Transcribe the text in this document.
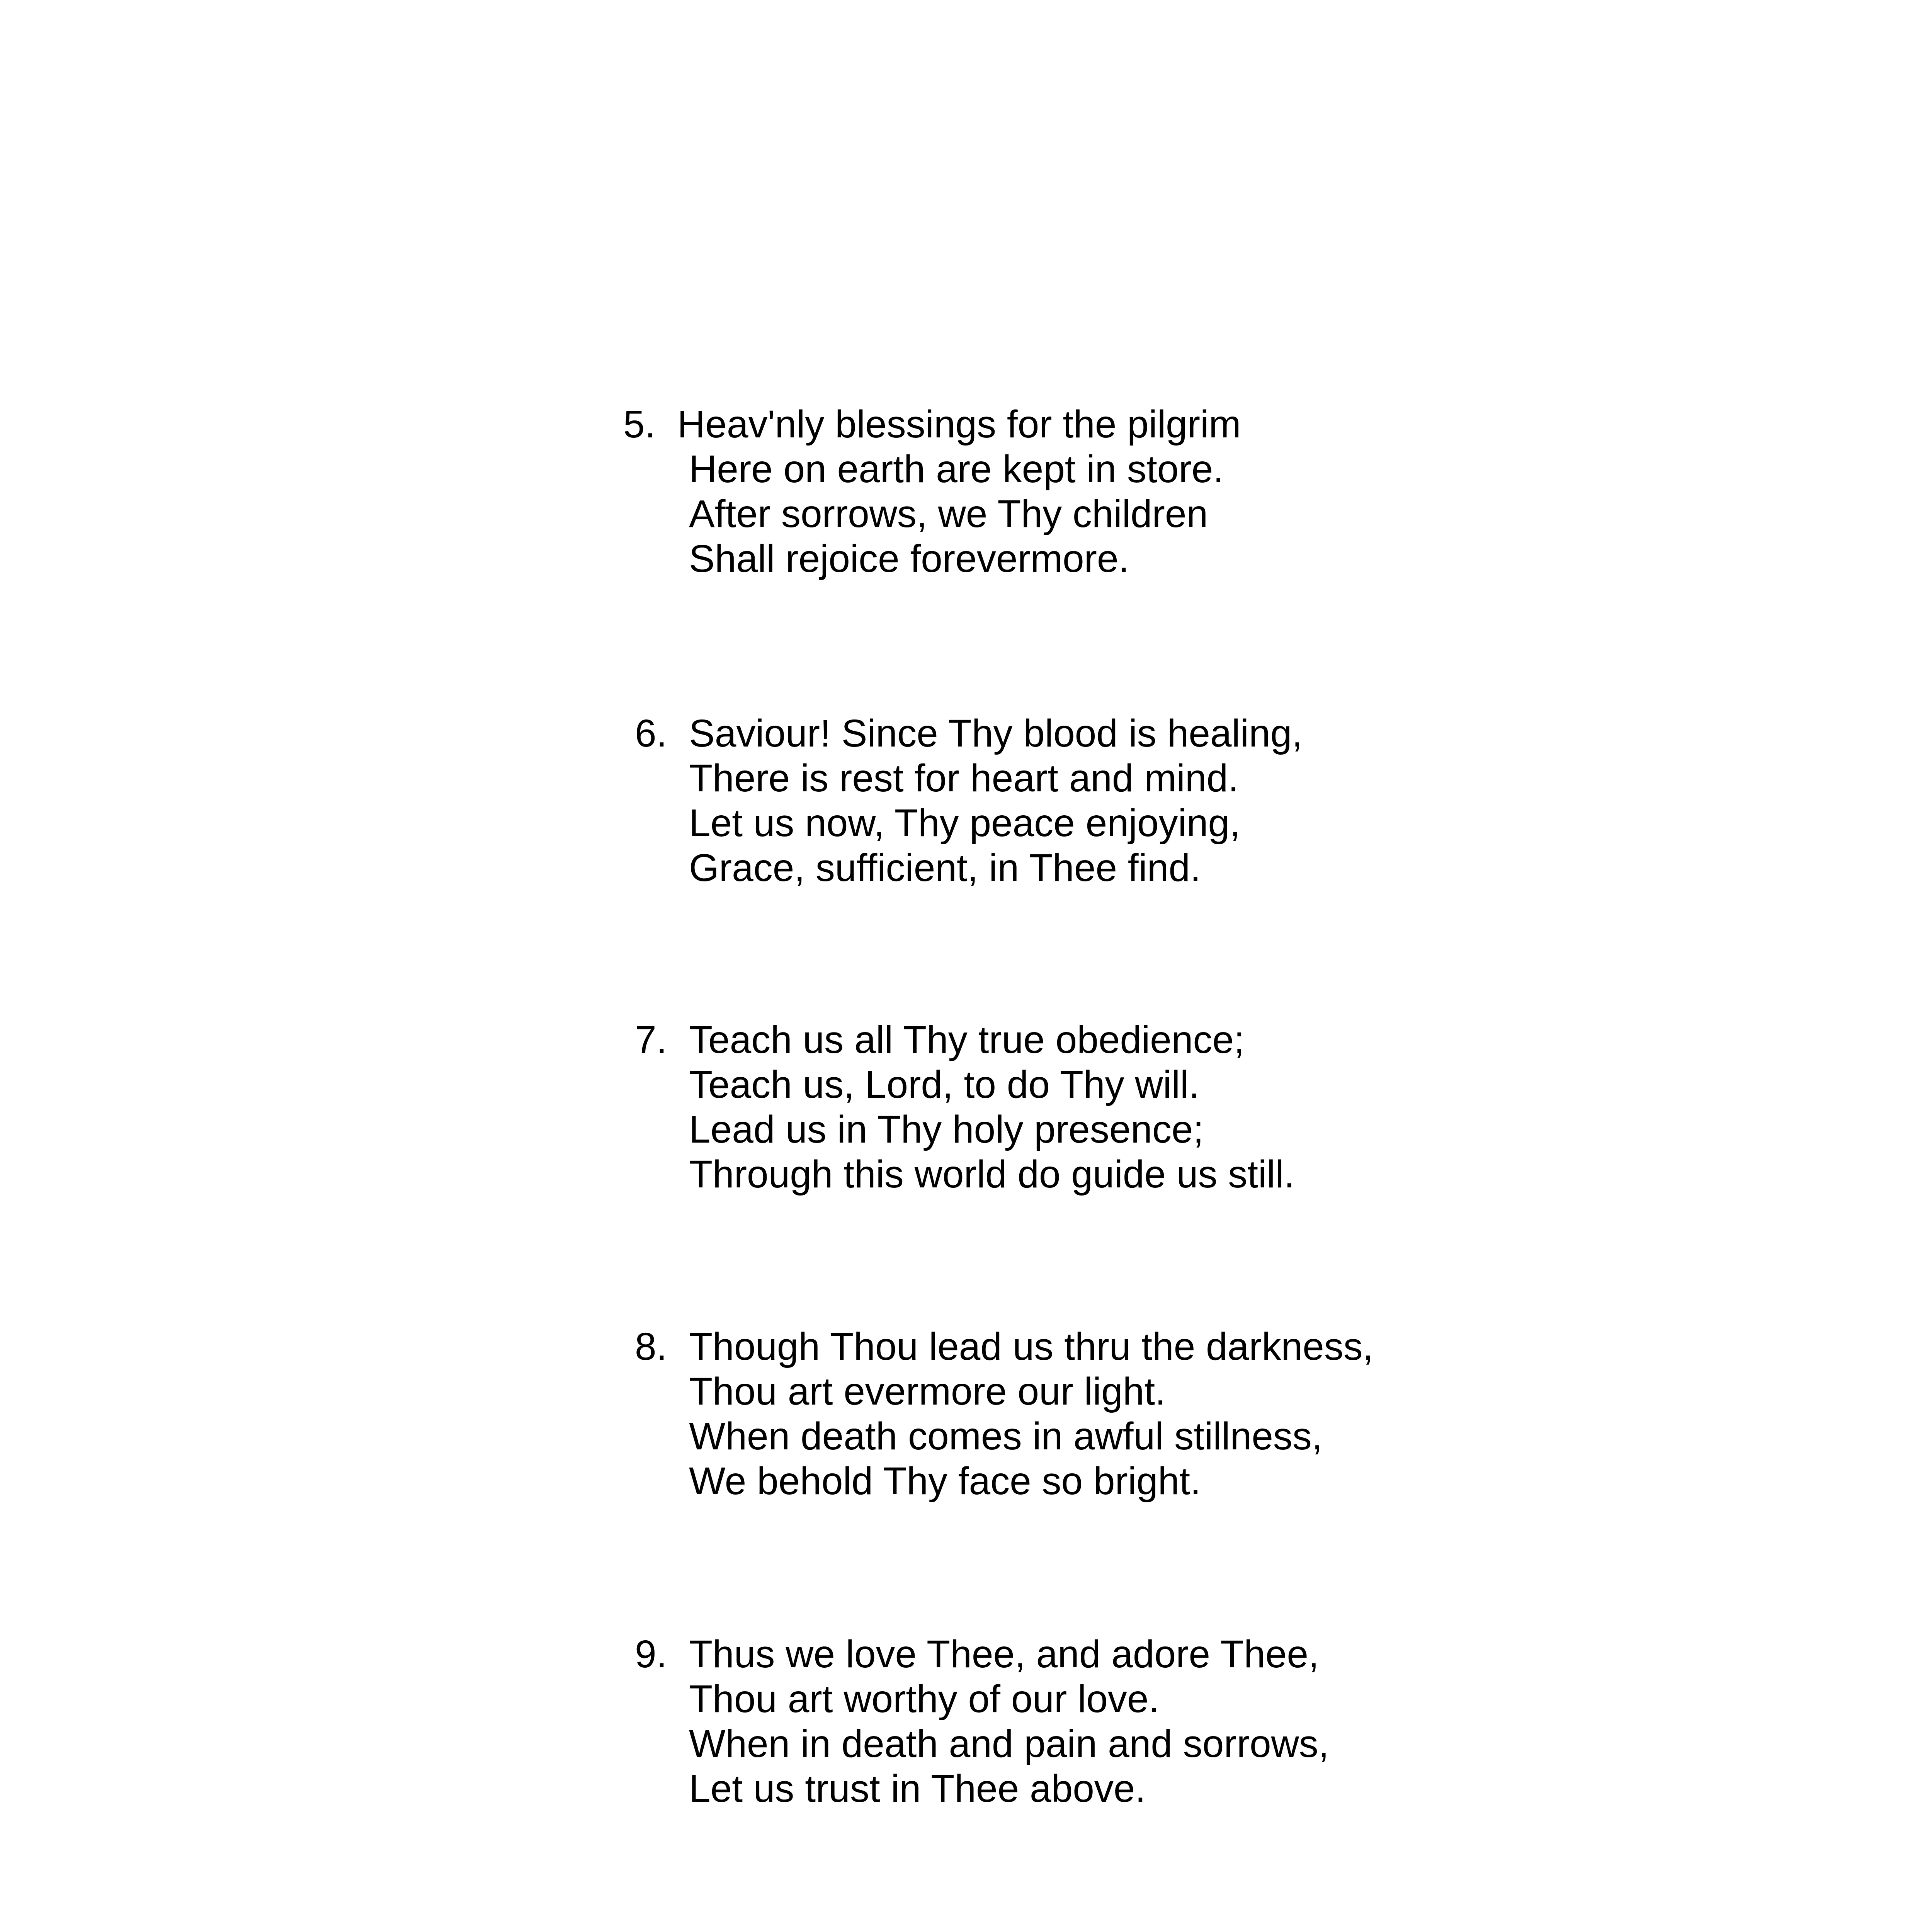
5. Heav'nly blessings for the pilgrim
Here on earth are kept in store.
After sorrows, we Thy children
Shall rejoice forevermore.
6. Saviour! Since Thy blood is healing,
There is rest for heart and mind.
Let us now, Thy peace enjoying,
Grace, sufficient, in Thee find.
7. Teach us all Thy true obedience;
Teach us, Lord, to do Thy will.
Lead us in Thy holy presence;
Through this world do guide us still.
8. Though Thou lead us thru the darkness,
Thou art evermore our light.
When death comes in awful stillness,
We behold Thy face so bright.
9. Thus we love Thee, and adore Thee,
Thou art worthy of our love.
When in death and pain and sorrows,
Let us trust in Thee above.
